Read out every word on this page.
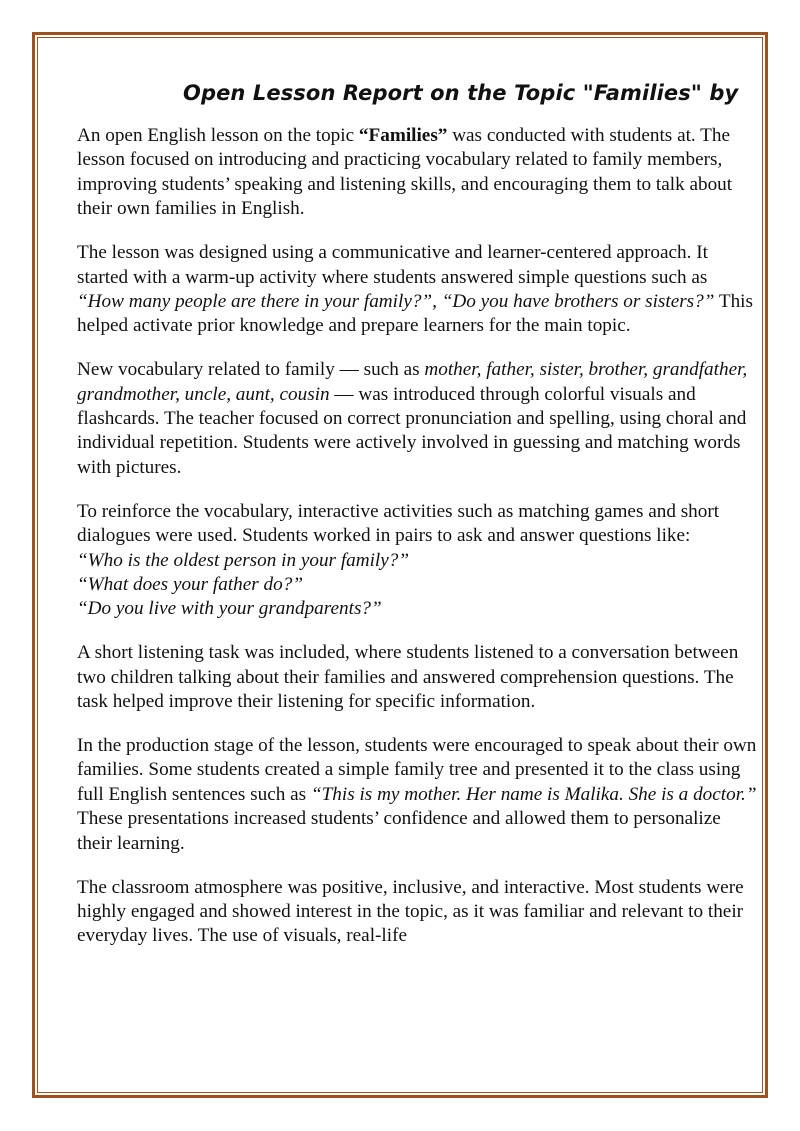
Open Lesson Report on the Topic "Families" by

An open English lesson on the topic “Families” was conducted with students at. The lesson focused on introducing and practicing vocabulary related to family members, improving students’ speaking and listening skills, and encouraging them to talk about their own families in English.

The lesson was designed using a communicative and learner-centered approach. It started with a warm-up activity where students answered simple questions such as “How many people are there in your family?”, “Do you have brothers or sisters?” This helped activate prior knowledge and prepare learners for the main topic.

New vocabulary related to family — such as mother, father, sister, brother, grandfather, grandmother, uncle, aunt, cousin — was introduced through colorful visuals and flashcards. The teacher focused on correct pronunciation and spelling, using choral and individual repetition. Students were actively involved in guessing and matching words with pictures.

To reinforce the vocabulary, interactive activities such as matching games and short dialogues were used. Students worked in pairs to ask and answer questions like:
“Who is the oldest person in your family?”
“What does your father do?”
“Do you live with your grandparents?”

A short listening task was included, where students listened to a conversation between two children talking about their families and answered comprehension questions. The task helped improve their listening for specific information.

In the production stage of the lesson, students were encouraged to speak about their own families. Some students created a simple family tree and presented it to the class using full English sentences such as “This is my mother. Her name is Malika. She is a doctor.” These presentations increased students’ confidence and allowed them to personalize their learning.

The classroom atmosphere was positive, inclusive, and interactive. Most students were highly engaged and showed interest in the topic, as it was familiar and relevant to their everyday lives. The use of visuals, real-life
